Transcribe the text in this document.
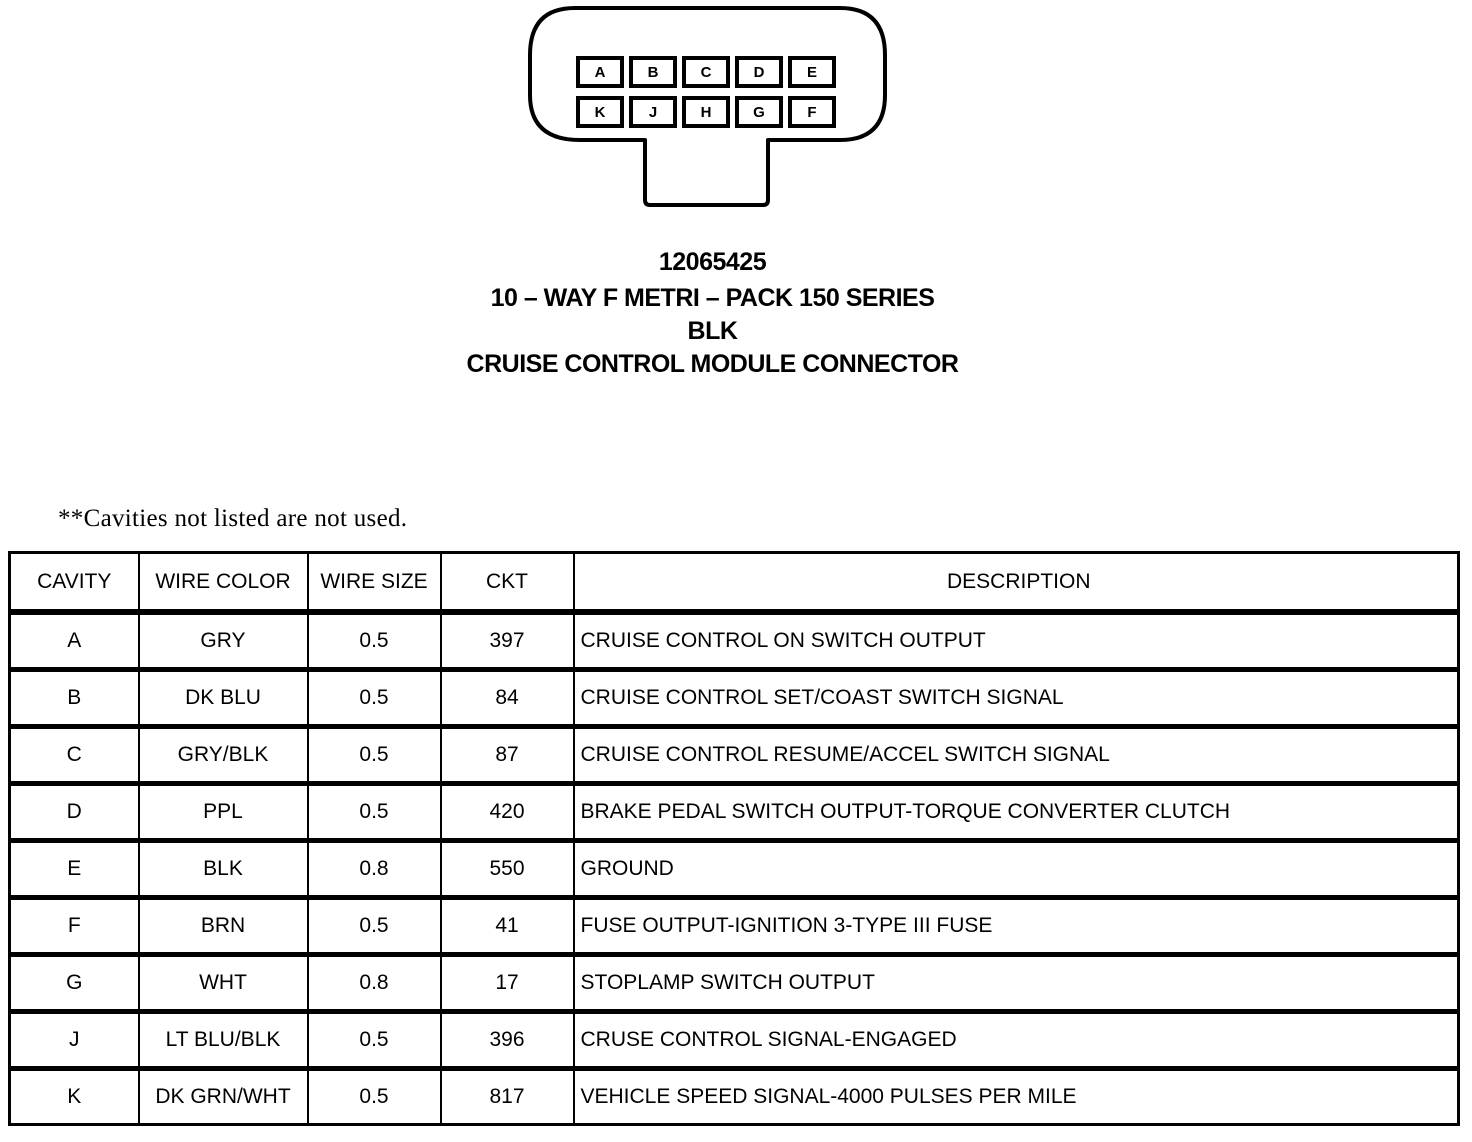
A	B	C	D	E
K	J	H	G	F
12065425
10 – WAY F METRI – PACK 150 SERIES
BLK
CRUISE CONTROL MODULE CONNECTOR
**Cavities not listed are not used.
CAVITY	WIRE COLOR	WIRE SIZE	CKT	DESCRIPTION
A	GRY	0.5	397	CRUISE CONTROL ON SWITCH OUTPUT
B	DK BLU	0.5	84	CRUISE CONTROL SET/COAST SWITCH SIGNAL
C	GRY/BLK	0.5	87	CRUISE CONTROL RESUME/ACCEL SWITCH SIGNAL
D	PPL	0.5	420	BRAKE PEDAL SWITCH OUTPUT-TORQUE CONVERTER CLUTCH
E	BLK	0.8	550	GROUND
F	BRN	0.5	41	FUSE OUTPUT-IGNITION 3-TYPE III FUSE
G	WHT	0.8	17	STOPLAMP SWITCH OUTPUT
J	LT BLU/BLK	0.5	396	CRUSE CONTROL SIGNAL-ENGAGED
K	DK GRN/WHT	0.5	817	VEHICLE SPEED SIGNAL-4000 PULSES PER MILE
